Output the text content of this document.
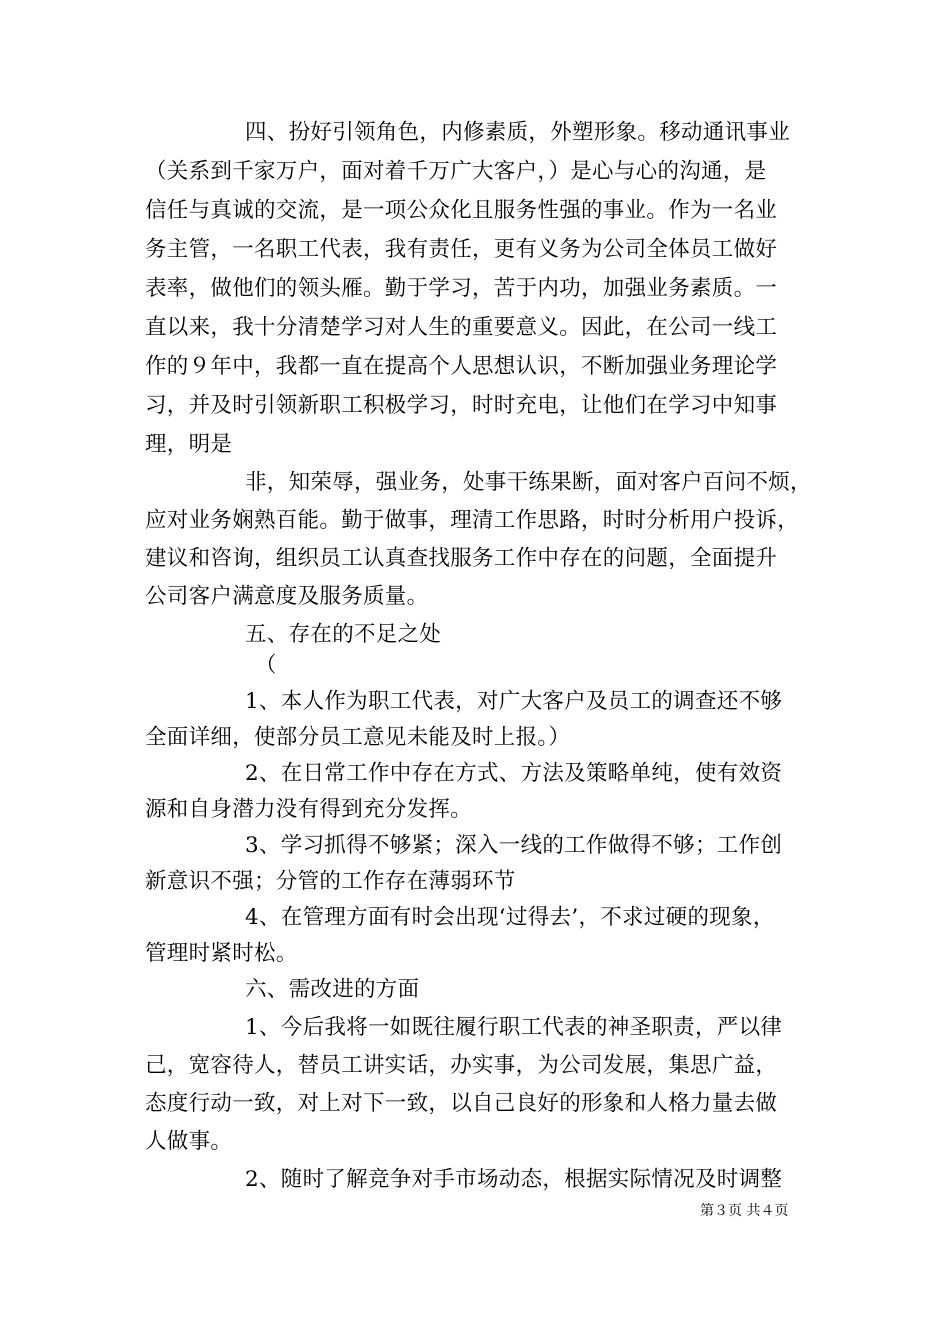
四、扮好引领角色，内修素质，外塑形象。移动通讯事业
（关系到千家万户，面对着千万广大客户，）是心与心的沟通，是
信任与真诚的交流，是一项公众化且服务性强的事业。作为一名业
务主管，一名职工代表，我有责任，更有义务为公司全体员工做好
表率，做他们的领头雁。勤于学习，苦于内功，加强业务素质。一
直以来，我十分清楚学习对人生的重要意义。因此，在公司一线工
作的９年中，我都一直在提高个人思想认识，不断加强业务理论学
习，并及时引领新职工积极学习，时时充电，让他们在学习中知事
理，明是
非，知荣辱，强业务，处事干练果断，面对客户百问不烦，
应对业务娴熟百能。勤于做事，理清工作思路，时时分析用户投诉，
建议和咨询，组织员工认真查找服务工作中存在的问题，全面提升
公司客户满意度及服务质量。
五、存在的不足之处
（
1、本人作为职工代表，对广大客户及员工的调查还不够
全面详细，使部分员工意见未能及时上报。）
2、在日常工作中存在方式、方法及策略单纯，使有效资
源和自身潜力没有得到充分发挥。
3、学习抓得不够紧；深入一线的工作做得不够；工作创
新意识不强；分管的工作存在薄弱环节
4、在管理方面有时会出现‘过得去’，不求过硬的现象，
管理时紧时松。
六、需改进的方面
1、今后我将一如既往履行职工代表的神圣职责，严以律
己，宽容待人，替员工讲实话，办实事，为公司发展，集思广益，
态度行动一致，对上对下一致，以自己良好的形象和人格力量去做
人做事。
2、随时了解竞争对手市场动态，根据实际情况及时调整
第３页 共４页
